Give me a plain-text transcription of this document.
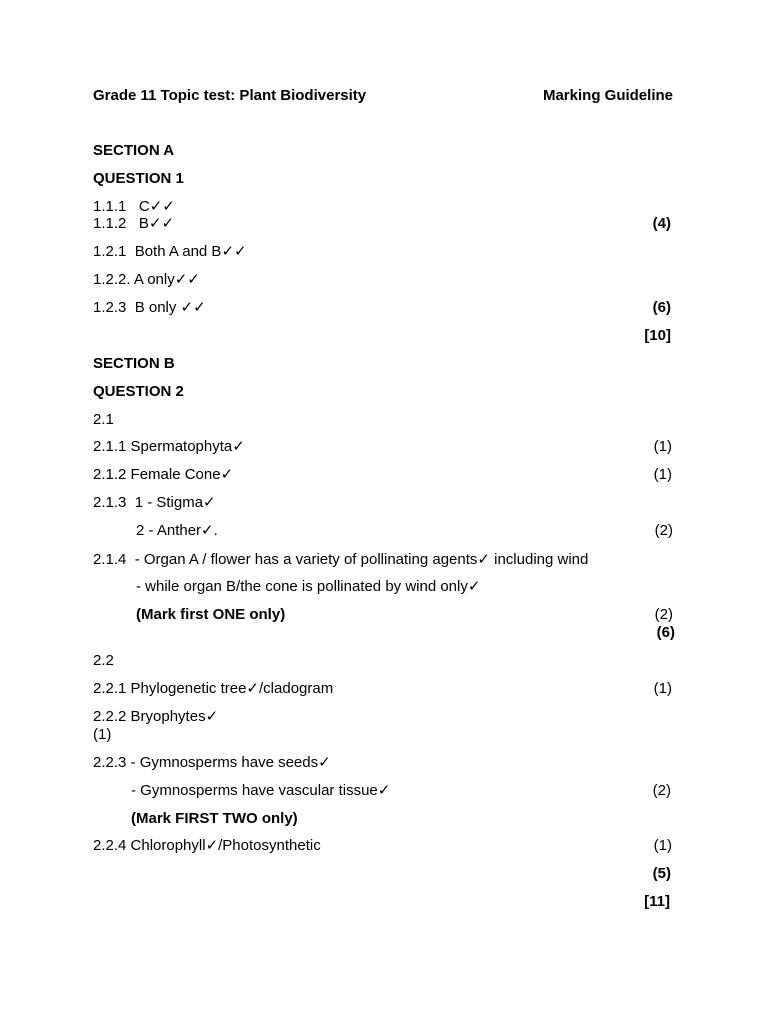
Grade 11 Topic test: Plant Biodiversity	Marking Guideline
SECTION A
QUESTION 1
1.1.1   C✓✓
1.1.2   B✓✓	(4)
1.2.1  Both A and B✓✓
1.2.2. A only✓✓
1.2.3  B only ✓✓	(6)
[10]
SECTION B
QUESTION 2
2.1
2.1.1 Spermatophyta✓	(1)
2.1.2 Female Cone✓	(1)
2.1.3  1 - Stigma✓
2 - Anther✓.	(2)
2.1.4  - Organ A / flower has a variety of pollinating agents✓ including wind
- while organ B/the cone is pollinated by wind only✓
(Mark first ONE only)	(2)
(6)
2.2
2.2.1 Phylogenetic tree✓/cladogram	(1)
2.2.2 Bryophytes✓
(1)
2.2.3 - Gymnosperms have seeds✓
- Gymnosperms have vascular tissue✓	(2)
(Mark FIRST TWO only)
2.2.4 Chlorophyll✓/Photosynthetic	(1)
(5)
[11]
